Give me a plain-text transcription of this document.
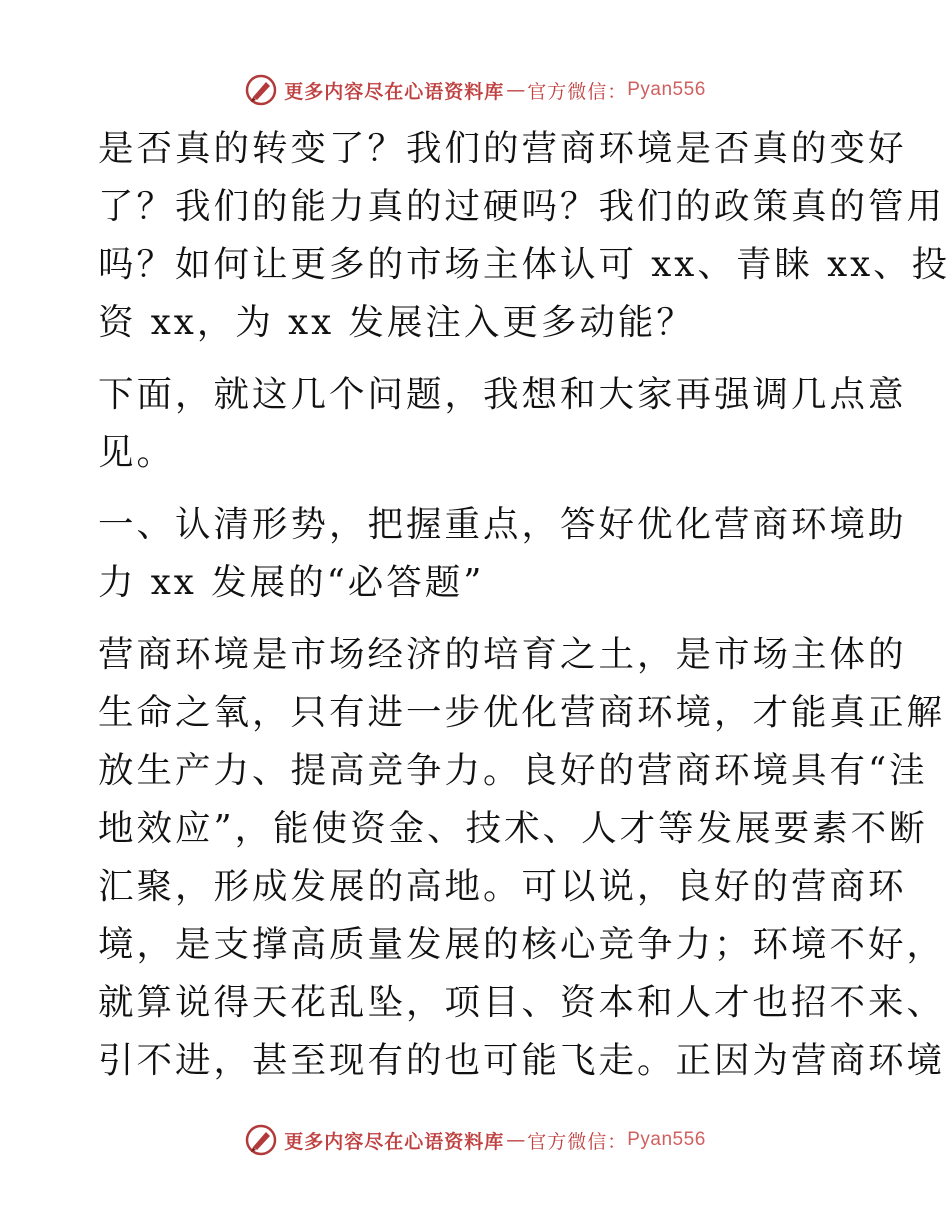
更多内容尽在心语资料库 — 官方微信： Pyan556

是否真的转变了？我们的营商环境是否真的变好
了？我们的能力真的过硬吗？我们的政策真的管用
吗？如何让更多的市场主体认可 xx、青睐 xx、投
资 xx，为 xx 发展注入更多动能？

下面，就这几个问题，我想和大家再强调几点意
见。

一、认清形势，把握重点，答好优化营商环境助
力 xx 发展的“必答题”

营商环境是市场经济的培育之土，是市场主体的
生命之氧，只有进一步优化营商环境，才能真正解
放生产力、提高竞争力。良好的营商环境具有“洼
地效应”，能使资金、技术、人才等发展要素不断
汇聚，形成发展的高地。可以说，良好的营商环
境，是支撑高质量发展的核心竞争力；环境不好，
就算说得天花乱坠，项目、资本和人才也招不来、
引不进，甚至现有的也可能飞走。正因为营商环境

更多内容尽在心语资料库 — 官方微信： Pyan556
